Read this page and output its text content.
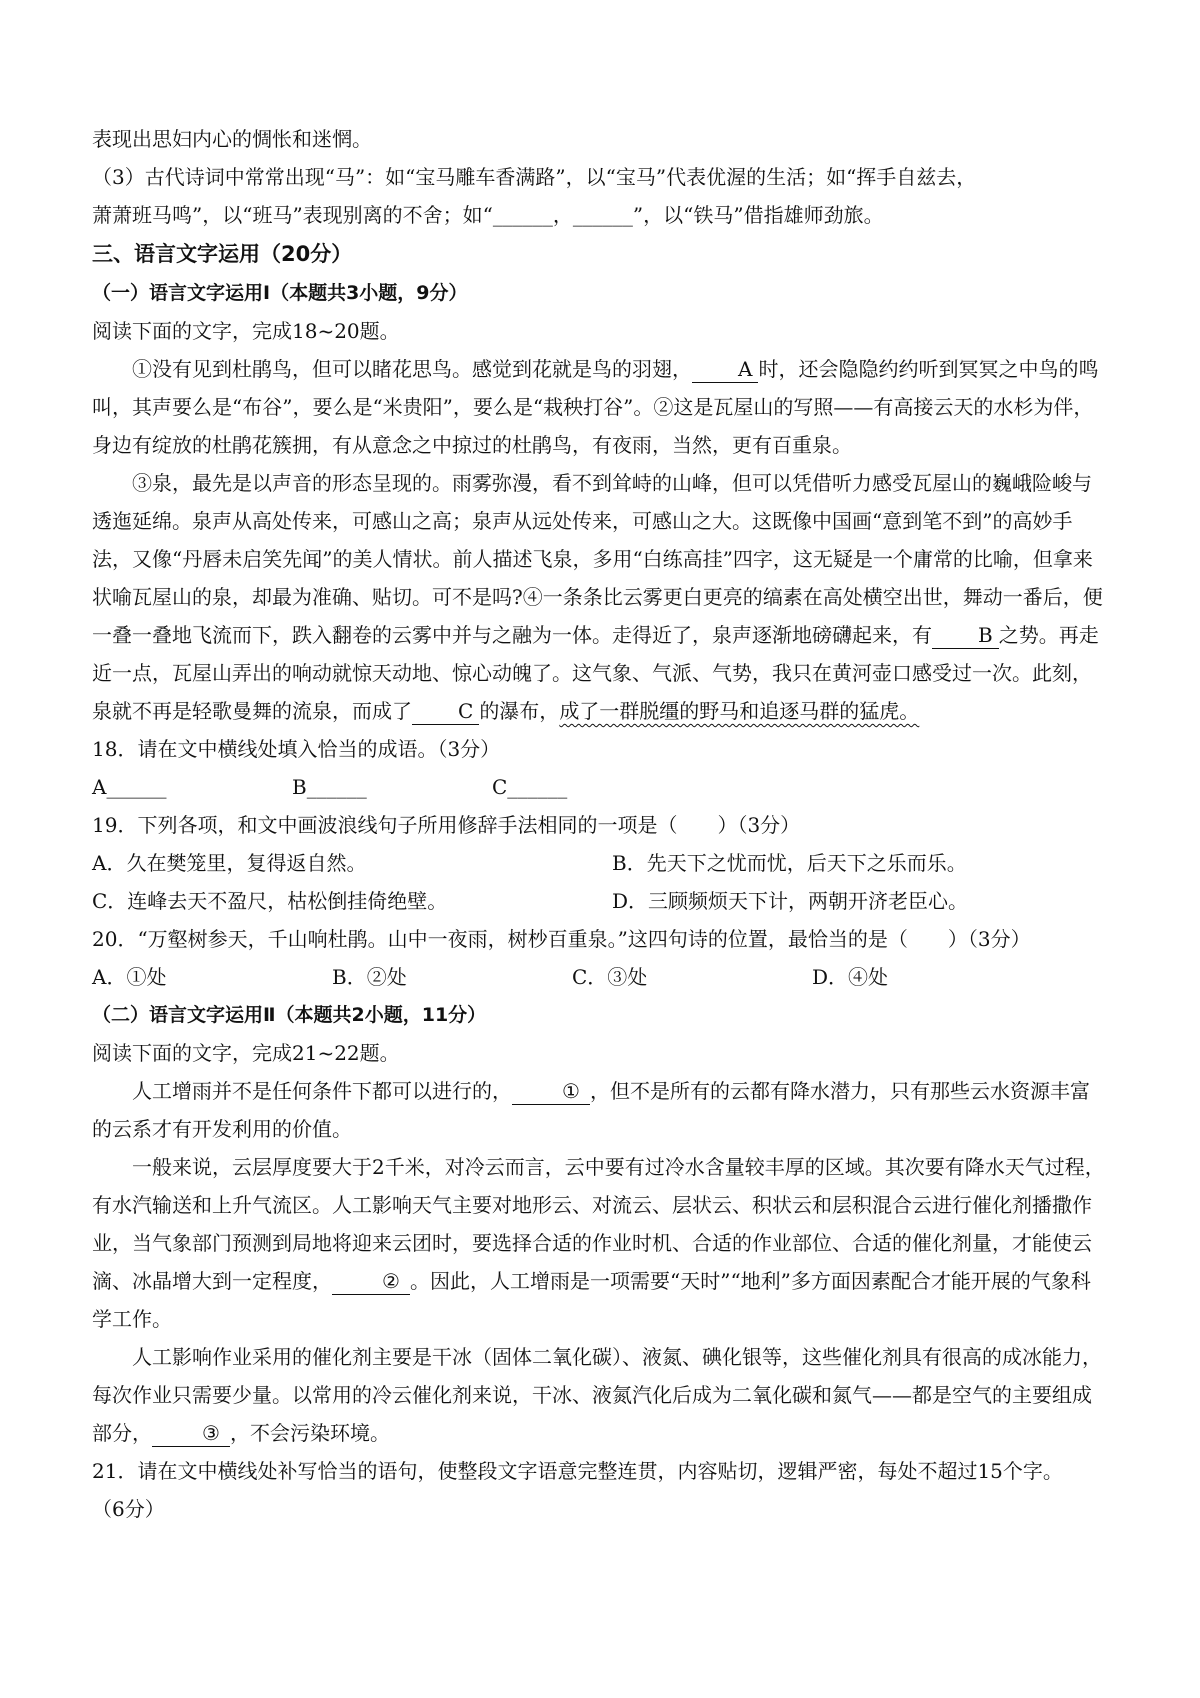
表现出思妇内心的惆怅和迷惘。
（3）古代诗词中常常出现“马”：如“宝马雕车香满路”，以“宝马”代表优渥的生活；如“挥手自兹去，
萧萧班马鸣”，以“班马”表现别离的不舍；如“______，______”，以“铁马”借指雄师劲旅。
三、语言文字运用（20分）
（一）语言文字运用Ⅰ（本题共3小题，9分）
阅读下面的文字，完成18~20题。
①没有见到杜鹃鸟，但可以睹花思鸟。感觉到花就是鸟的羽翅， A 时，还会隐隐约约听到冥冥之中鸟的鸣叫，其声要么是“布谷”，要么是“米贵阳”，要么是“栽秧打谷”。②这是瓦屋山的写照——有高接云天的水杉为伴，身边有绽放的杜鹃花簇拥，有从意念之中掠过的杜鹃鸟，有夜雨，当然，更有百重泉。
③泉，最先是以声音的形态呈现的。雨雾弥漫，看不到耸峙的山峰，但可以凭借听力感受瓦屋山的巍峨险峻与透迤延绵。泉声从高处传来，可感山之高；泉声从远处传来，可感山之大。这既像中国画“意到笔不到”的高妙手法，又像“丹唇未启笑先闻”的美人情状。前人描述飞泉，多用“白练高挂”四字，这无疑是一个庸常的比喻，但拿来状喻瓦屋山的泉，却最为准确、贴切。可不是吗?④一条条比云雾更白更亮的缟素在高处横空出世，舞动一番后，便一叠一叠地飞流而下，跌入翻卷的云雾中并与之融为一体。走得近了，泉声逐渐地磅礴起来，有 B 之势。再走近一点，瓦屋山弄出的响动就惊天动地、惊心动魄了。这气象、气派、气势，我只在黄河壶口感受过一次。此刻，泉就不再是轻歌曼舞的流泉，而成了 C 的瀑布，成了一群脱缰的野马和追逐马群的猛虎。
18．请在文中横线处填入恰当的成语。（3分）
A______	B______	C______
19．下列各项，和文中画波浪线句子所用修辞手法相同的一项是（　　）（3分）
A．久在樊笼里，复得返自然。	B．先天下之忧而忧，后天下之乐而乐。
C．连峰去天不盈尺，枯松倒挂倚绝壁。	D．三顾频烦天下计，两朝开济老臣心。
20．“万壑树参天，千山响杜鹃。山中一夜雨，树杪百重泉。”这四句诗的位置，最恰当的是（　　）（3分）
A．①处	B．②处	C．③处	D．④处
（二）语言文字运用Ⅱ（本题共2小题，11分）
阅读下面的文字，完成21~22题。
人工增雨并不是任何条件下都可以进行的，	① ，但不是所有的云都有降水潜力，只有那些云水资源丰富的云系才有开发利用的价值。
一般来说，云层厚度要大于2千米，对冷云而言，云中要有过冷水含量较丰厚的区域。其次要有降水天气过程，有水汽输送和上升气流区。人工影响天气主要对地形云、对流云、层状云、积状云和层积混合云进行催化剂播撒作业，当气象部门预测到局地将迎来云团时，要选择合适的作业时机、合适的作业部位、合适的催化剂量，才能使云滴、冰晶增大到一定程度，	② 。因此，人工增雨是一项需要“天时”“地利”多方面因素配合才能开展的气象科学工作。
人工影响作业采用的催化剂主要是干冰（固体二氧化碳）、液氮、碘化银等，这些催化剂具有很高的成冰能力，每次作业只需要少量。以常用的冷云催化剂来说，干冰、液氮汽化后成为二氧化碳和氮气——都是空气的主要组成部分，	③ ，不会污染环境。
21．请在文中横线处补写恰当的语句，使整段文字语意完整连贯，内容贴切，逻辑严密，每处不超过15个字。
（6分）
